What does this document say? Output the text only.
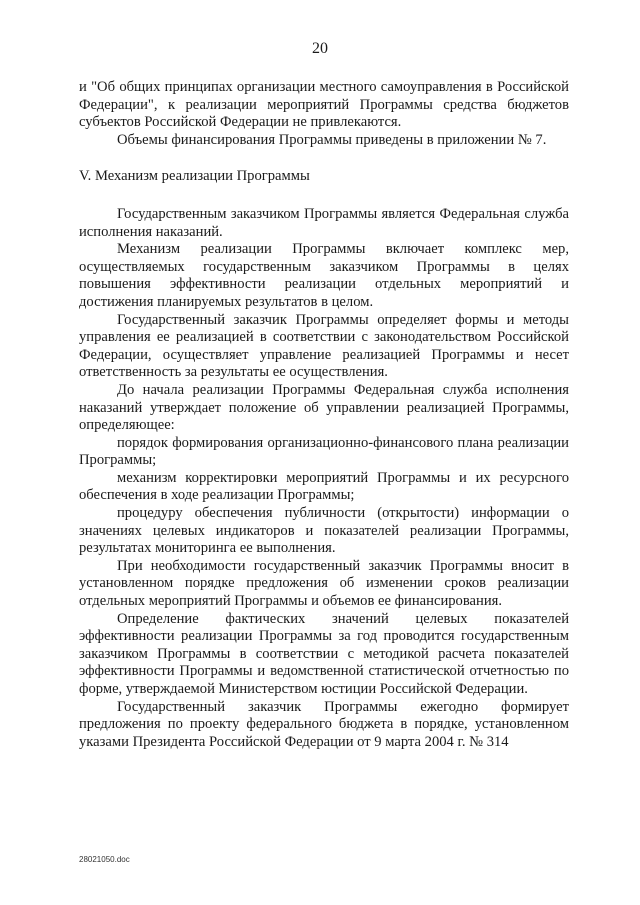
20

и "Об общих принципах организации местного самоуправления в Российской Федерации", к реализации мероприятий Программы средства бюджетов субъектов Российской Федерации не привлекаются.

Объемы финансирования Программы приведены в приложении № 7.

V. Механизм реализации Программы

Государственным заказчиком Программы является Федеральная служба исполнения наказаний.

Механизм реализации Программы включает комплекс мер, осуществляемых государственным заказчиком Программы в целях повышения эффективности реализации отдельных мероприятий и достижения планируемых результатов в целом.

Государственный заказчик Программы определяет формы и методы управления ее реализацией в соответствии с законодательством Российской Федерации, осуществляет управление реализацией Программы и несет ответственность за результаты ее осуществления.

До начала реализации Программы Федеральная служба исполнения наказаний утверждает положение об управлении реализацией Программы, определяющее:

порядок формирования организационно-финансового плана реализации Программы;

механизм корректировки мероприятий Программы и их ресурсного обеспечения в ходе реализации Программы;

процедуру обеспечения публичности (открытости) информации о значениях целевых индикаторов и показателей реализации Программы, результатах мониторинга ее выполнения.

При необходимости государственный заказчик Программы вносит в установленном порядке предложения об изменении сроков реализации отдельных мероприятий Программы и объемов ее финансирования.

Определение фактических значений целевых показателей эффективности реализации Программы за год проводится государственным заказчиком Программы в соответствии с методикой расчета показателей эффективности Программы и ведомственной статистической отчетностью по форме, утверждаемой Министерством юстиции Российской Федерации.

Государственный заказчик Программы ежегодно формирует предложения по проекту федерального бюджета в порядке, установленном указами Президента Российской Федерации от 9 марта 2004 г. № 314

28021050.doc
